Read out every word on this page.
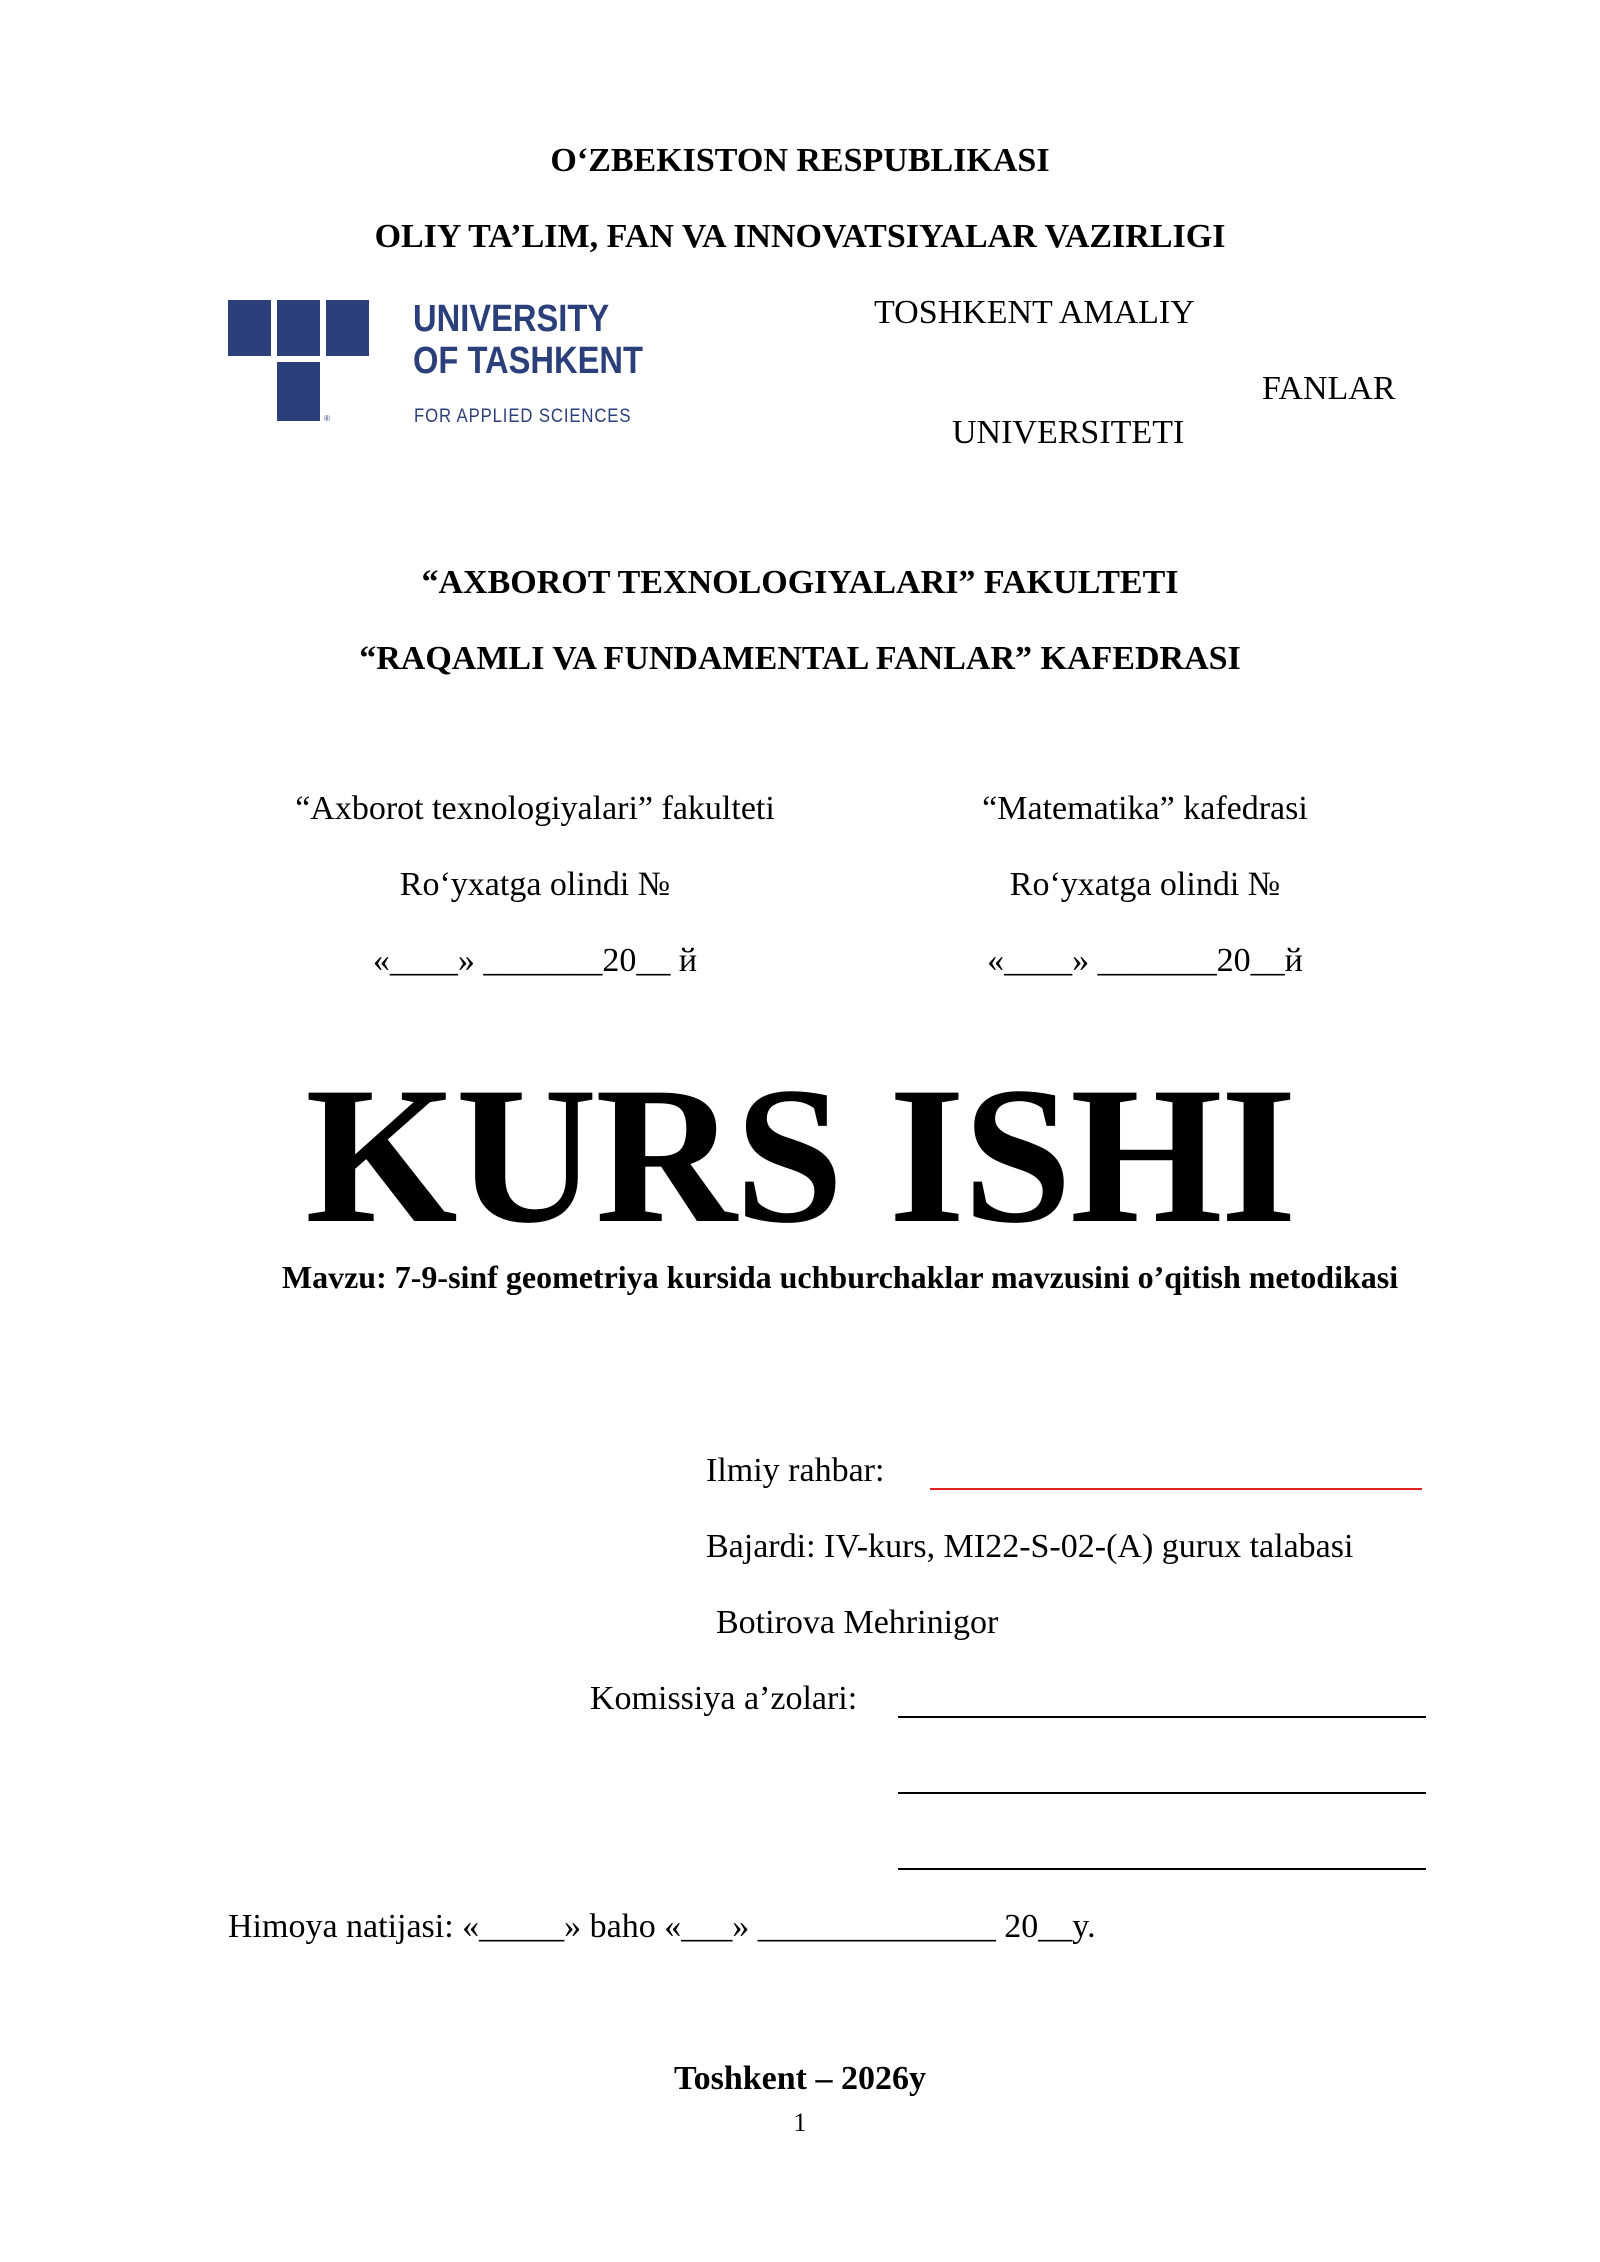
O‘ZBEKISTON RESPUBLIKASI
OLIY TA’LIM, FAN VA INNOVATSIYALAR VAZIRLIGI
®
UNIVERSITY
OF TASHKENT
FOR APPLIED SCIENCES
TOSHKENT AMALIY
FANLAR
UNIVERSITETI
“AXBOROT TEXNOLOGIYALARI” FAKULTETI
“RAQAMLI VA FUNDAMENTAL FANLAR” KAFEDRASI
“Axborot texnologiyalari” fakulteti
Ro‘yxatga olindi №
«____» _______20__ й
“Matematika” kafedrasi
Ro‘yxatga olindi №
«____» _______20__й
KURS ISHI
Mavzu: 7-9-sinf geometriya kursida uchburchaklar mavzusini o’qitish metodikasi
Ilmiy rahbar:
Bajardi: IV-kurs, MI22-S-02-(A) gurux talabasi
Botirova Mehrinigor
Komissiya a’zolari:
Himoya natijasi: «_____» baho «___» ______________ 20__y.
Toshkent – 2026y
1
